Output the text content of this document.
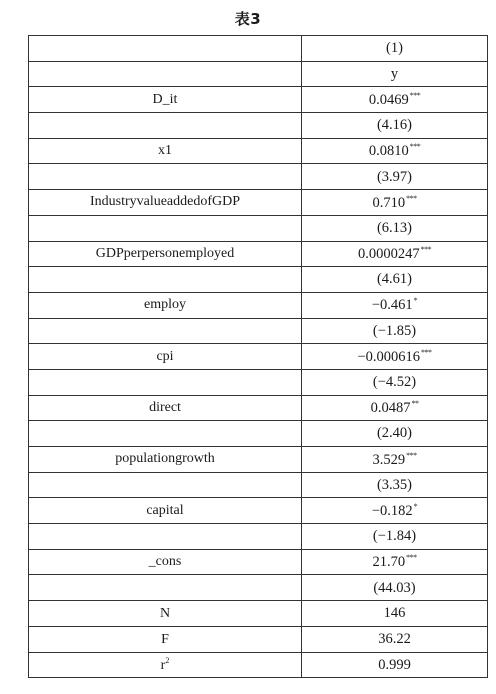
表3
	(1)
	y
D_it	0.0469***
	(4.16)
x1	0.0810***
	(3.97)
IndustryvalueaddedofGDP	0.710***
	(6.13)
GDPperpersonemployed	0.0000247***
	(4.61)
employ	−0.461*
	(−1.85)
cpi	−0.000616***
	(−4.52)
direct	0.0487**
	(2.40)
populationgrowth	3.529***
	(3.35)
capital	−0.182*
	(−1.84)
_cons	21.70***
	(44.03)
N	146
F	36.22
$r^2$	0.999
